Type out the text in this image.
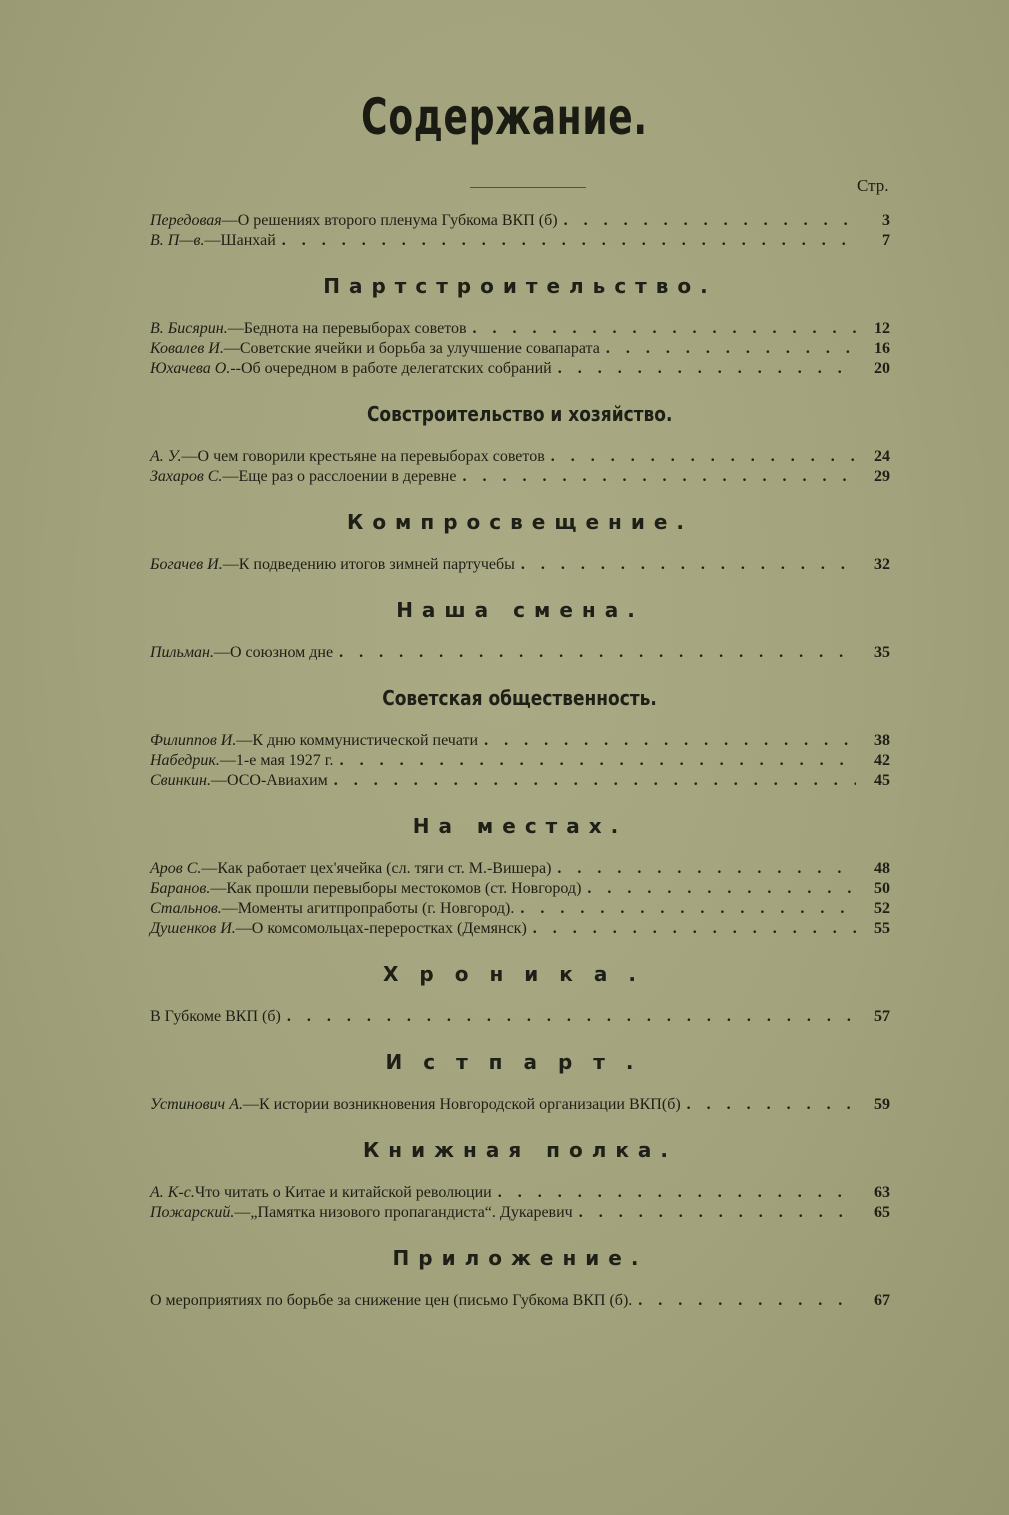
Содержание.
Стр.
Передовая — О решениях второго пленума Губкома ВКП (б) . . .	3
В. П—в. — Шанхай . . .	7
Партстроительство.
В. Бисярин. — Беднота на перевыборах советов . . .	12
Ковалев И. — Советские ячейки и борьба за улучшение совапарата . . .	16
Юхачева О. -- Об очередном в работе делегатских собраний . . .	20
Совстроительство и хозяйство.
А. У. — О чем говорили крестьяне на перевыборах советов . . .	24
Захаров С. — Еще раз о расслоении в деревне . . .	29
Компросвещение.
Богачев И. — К подведению итогов зимней партучебы . . .	32
Наша смена.
Пильман. — О союзном дне . . .	35
Советская общественность.
Филиппов И. — К дню коммунистической печати . . .	38
Набедрик. — 1-е мая 1927 г. . . .	42
Свинкин. — ОСО-Авиахим . . .	45
На местах.
Аров С. — Как работает цех'ячейка (сл. тяги ст. М.-Вишера) . . .	48
Баранов. — Как прошли перевыборы местокомов (ст. Новгород) . . .	50
Стальнов. — Моменты агитпропработы (г. Новгород). . . .	52
Душенков И. — О комсомольцах-переростках (Демянск) . . .	55
Хроника.
В Губкоме ВКП (б) . . .	57
Истпарт.
Устинович А. — К истории возникновения Новгородской организации ВКП(б) . . .	59
Книжная полка.
А. К-с. Что читать о Китае и китайской революции . . .	63
Пожарский. — „Памятка низового пропагандиста“. Дукаревич . . .	65
Приложение.
О мероприятиях по борьбе за снижение цен (письмо Губкома ВКП (б). . . .	67
